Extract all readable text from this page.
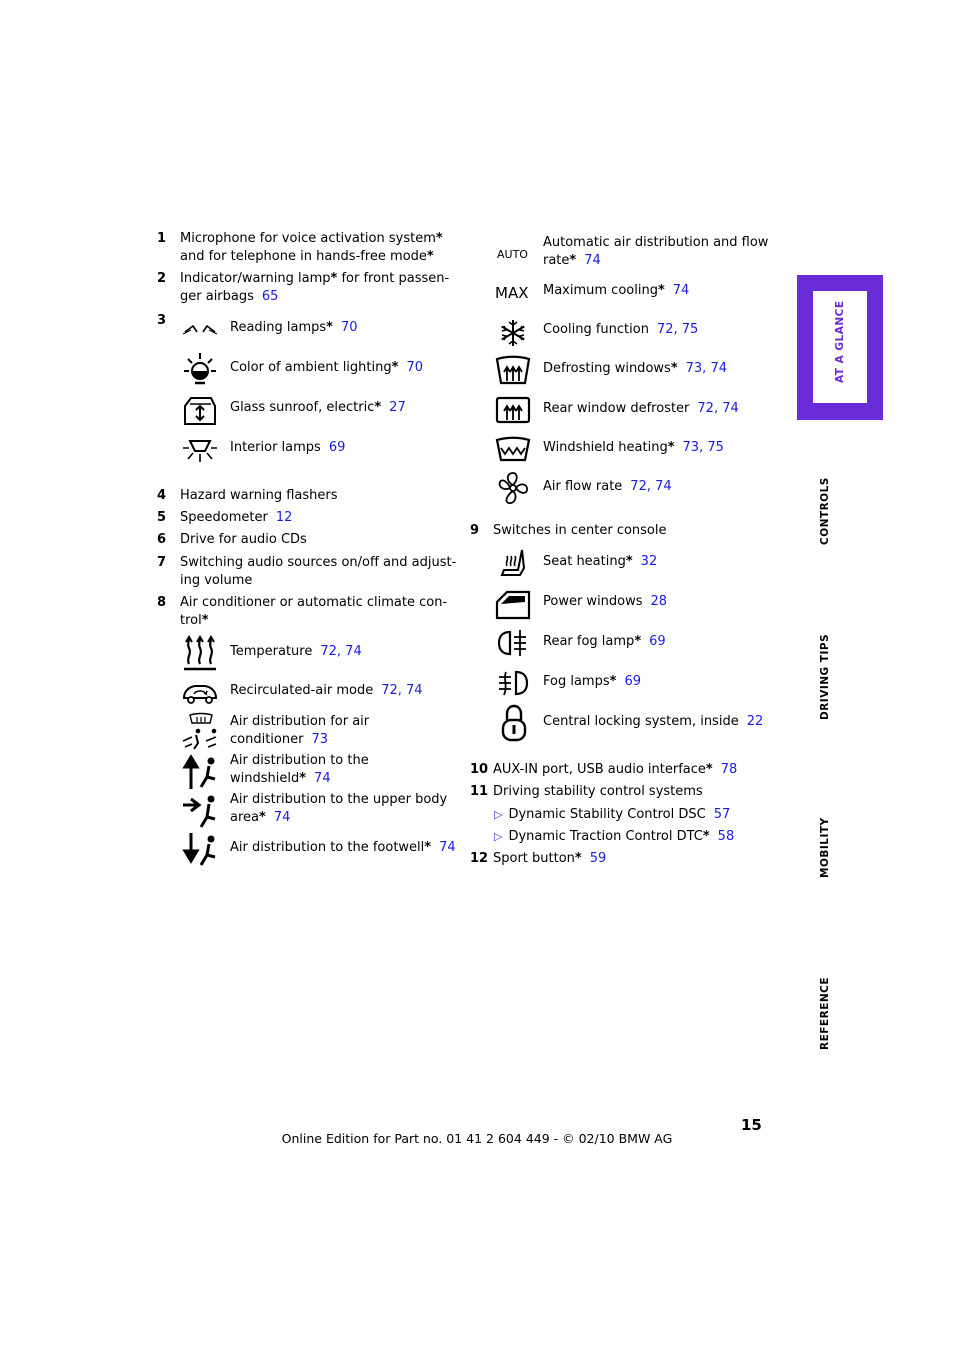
1 Microphone for voice activation system*
and for telephone in hands-free mode*
2 Indicator/warning lamp* for front passen-
ger airbags 65
3	Reading lamps* 70
Color of ambient lighting* 70
Glass sunroof, electric* 27
Interior lamps 69
4 Hazard warning flashers
5 Speedometer 12
6 Drive for audio CDs
7 Switching audio sources on/off and adjust-
ing volume
8 Air conditioner or automatic climate con-
trol*
Temperature 72, 74
Recirculated-air mode 72, 74
Air distribution for air
conditioner 73
Air distribution to the
windshield* 74
Air distribution to the upper body
area* 74
Air distribution to the footwell* 74
AUTO
Automatic air distribution and flow
rate* 74
MAX Maximum cooling* 74
Cooling function 72, 75
Defrosting windows* 73, 74
Rear window defroster 72, 74
Windshield heating* 73, 75
Air flow rate 72, 74
9 Switches in center console
Seat heating* 32
Power windows 28
Rear fog lamp* 69
Fog lamps* 69
Central locking system, inside 22
10 AUX-IN port, USB audio interface* 78
11 Driving stability control systems
▷ Dynamic Stability Control DSC 57
▷ Dynamic Traction Control DTC* 58
12 Sport button* 59
AT A GLANCE
CONTROLS
DRIVING TIPS
MOBILITY
REFERENCE
15
Online Edition for Part no. 01 41 2 604 449 - © 02/10 BMW AG
